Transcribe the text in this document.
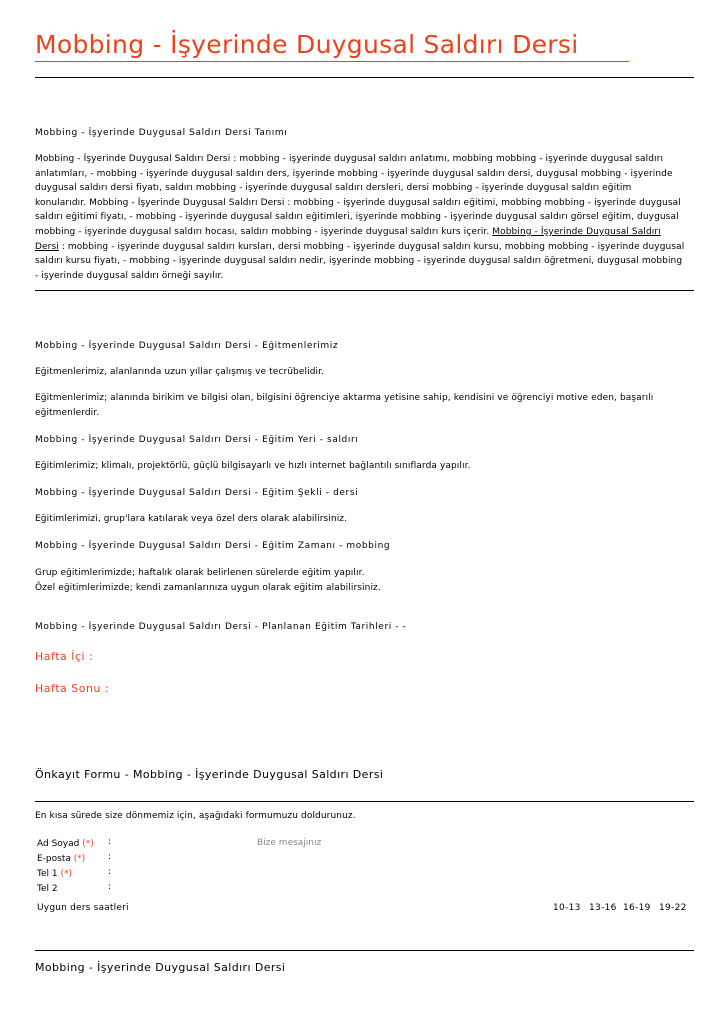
Mobbing - İşyerinde Duygusal Saldırı Dersi
Mobbing - İşyerinde Duygusal Saldırı Dersi Tanımı
Mobbing - İşyerinde Duygusal Saldırı Dersi : mobbing - işyerinde duygusal saldırı anlatımı, mobbing mobbing - işyerinde duygusal saldırı
anlatımları, - mobbing - işyerinde duygusal saldırı ders, işyerinde mobbing - işyerinde duygusal saldırı dersi, duygusal mobbing - işyerinde
duygusal saldırı dersi fiyatı, saldırı mobbing - işyerinde duygusal saldırı dersleri, dersi mobbing - işyerinde duygusal saldırı eğitim
konularıdır. Mobbing - İşyerinde Duygusal Saldırı Dersi : mobbing - işyerinde duygusal saldırı eğitimi, mobbing mobbing - işyerinde duygusal
saldırı eğitimi fiyatı, - mobbing - işyerinde duygusal saldırı eğitimleri, işyerinde mobbing - işyerinde duygusal saldırı görsel eğitim, duygusal
mobbing - işyerinde duygusal saldırı hocası, saldırı mobbing - işyerinde duygusal saldırı kurs içerir. Mobbing - İşyerinde Duygusal Saldırı
Dersi : mobbing - işyerinde duygusal saldırı kursları, dersi mobbing - işyerinde duygusal saldırı kursu, mobbing mobbing - işyerinde duygusal
saldırı kursu fiyatı, - mobbing - işyerinde duygusal saldırı nedir, işyerinde mobbing - işyerinde duygusal saldırı öğretmeni, duygusal mobbing
- işyerinde duygusal saldırı örneği sayılır.
Mobbing - İşyerinde Duygusal Saldırı Dersi - Eğitmenlerimiz
Eğitmenlerimiz, alanlarında uzun yıllar çalışmış ve tecrübelidir.
Eğitmenlerimiz; alanında birikim ve bilgisi olan, bilgisini öğrenciye aktarma yetisine sahip, kendisini ve öğrenciyi motive eden, başarılı
eğitmenlerdir.
Mobbing - İşyerinde Duygusal Saldırı Dersi - Eğitim Yeri - saldırı
Eğitimlerimiz; klimalı, projektörlü, güçlü bilgisayarlı ve hızlı internet bağlantılı sınıflarda yapılır.
Mobbing - İşyerinde Duygusal Saldırı Dersi - Eğitim Şekli - dersi
Eğitimlerimizi, grup'lara katılarak veya özel ders olarak alabilirsiniz.
Mobbing - İşyerinde Duygusal Saldırı Dersi - Eğitim Zamanı - mobbing
Grup eğitimlerimizde; haftalık olarak belirlenen sürelerde eğitim yapılır.
Özel eğitimlerimizde; kendi zamanlarınıza uygun olarak eğitim alabilirsiniz.
Mobbing - İşyerinde Duygusal Saldırı Dersi - Planlanan Eğitim Tarihleri - -
Hafta İçi :
Hafta Sonu :
Önkayıt Formu - Mobbing - İşyerinde Duygusal Saldırı Dersi
En kısa sürede size dönmemiz için, aşağıdaki formumuzu doldurunuz.
Ad Soyad (*) :
E-posta (*)	:
Tel 1 (*)	:
Tel 2	:
Bize mesajınız
Uygun ders saatleri	10-13 13-16 16-19 19-22
Mobbing - İşyerinde Duygusal Saldırı Dersi
